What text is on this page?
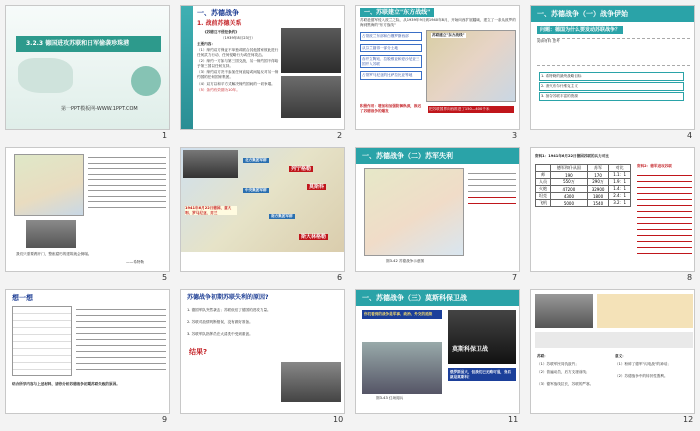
3.2.3 德国进攻苏联和日军偷袭珍珠港
第一PPT模板网-WWW.1PPT.COM
1
一、苏德战争
1. 战前苏德关系
《苏德互不侵犯条约》
（1939年8月23日）
主要内容：
（1）缔约双方保证不单独或联合其他国家彼此进行任何武力行动、任何侵略行为或任何攻击。
（2）缔约一方如与第三国交战，另一缔约国不得给予第三国以任何支持。
（3）缔约双方决不参加任何直接或间接反对另一缔约国的任何国家集团。
（4）双方以和平方式解决缔约国间的一切争端。
（5）条约有效期为10年。
2
一、苏联建立"东方战线"
苏联趁德军侵入波兰之际，从1939年9月到1940年8月，开始向西扩展疆域，建立了一条从波罗的海到黑海的"东方战线"
占领波兰东部和白俄罗斯西部
从芬兰割得一部分土地
吞并立陶宛、拉脱维亚和爱沙尼亚三国并入苏联
占领罗马尼亚的比萨拉比亚等地
苏联建立"东方战线"
积极作用：增加和加强防御纵深，推迟了苏德战争的爆发	把苏联国界向西推进了150—400千米
3
一、苏德战争（一）战争伊始
问题：德国为什么要发动苏联战争？
阅读材料 思考
1. 希特勒的最终战略目标
2. 消灭布尔什维克主义
3. 掠夺苏联丰富的资源
4
我们只需要踢开门，整座腐朽的建筑就会倒塌。
——希特勒
5
1941年6月22日德国、意大利、罗马尼亚、芬兰
列宁格勒
莫斯科
南方集团军群
斯大林格勒
北方集团军群
中央集团军群
6
一、苏德战争（二）苏军失利
图3-42 苏德战争示意图
7
资料1：1941年6月22日德国苏联的兵力对比
	德军和仆从国	苏军	对比
师	190	170	1.1：1
人员	550万	290万	1.9：1
火炮	47200	32900	1.4：1
坦克	4300	1800	2.4：1
飞机	5000	1540	3.2：1
资料2：德军进攻苏联
8
想一想
结合所学内容与上述材料，请你分析苏德战争初期苏联失败的原因。
9
苏德战争初期苏联失利的原因?
1. 德国军队突然袭击；苏联低估了德国的进攻力量。
2. 苏联对敌情判断错误，没有做好准备。
3. 苏联军队指挥员在大清洗中受到重创。
结果?
10
一、苏德战争（三）莫斯科保卫战
你们看到的战争是军事、政治、外交的延续
莫斯科保卫战
图3-43 红场阅兵
俄罗斯虽大，但我们已无路可退，身后就是莫斯科！
11
苏联：
（1）苏联军民同仇敌忾；
（2）普遍动员，后方支援前线；
（3）德军战线拉长，苏联的严寒。
意义：
（1）粉碎了德军"闪电战"的神话；
（2）苏德战争中的转折性胜利。
12
